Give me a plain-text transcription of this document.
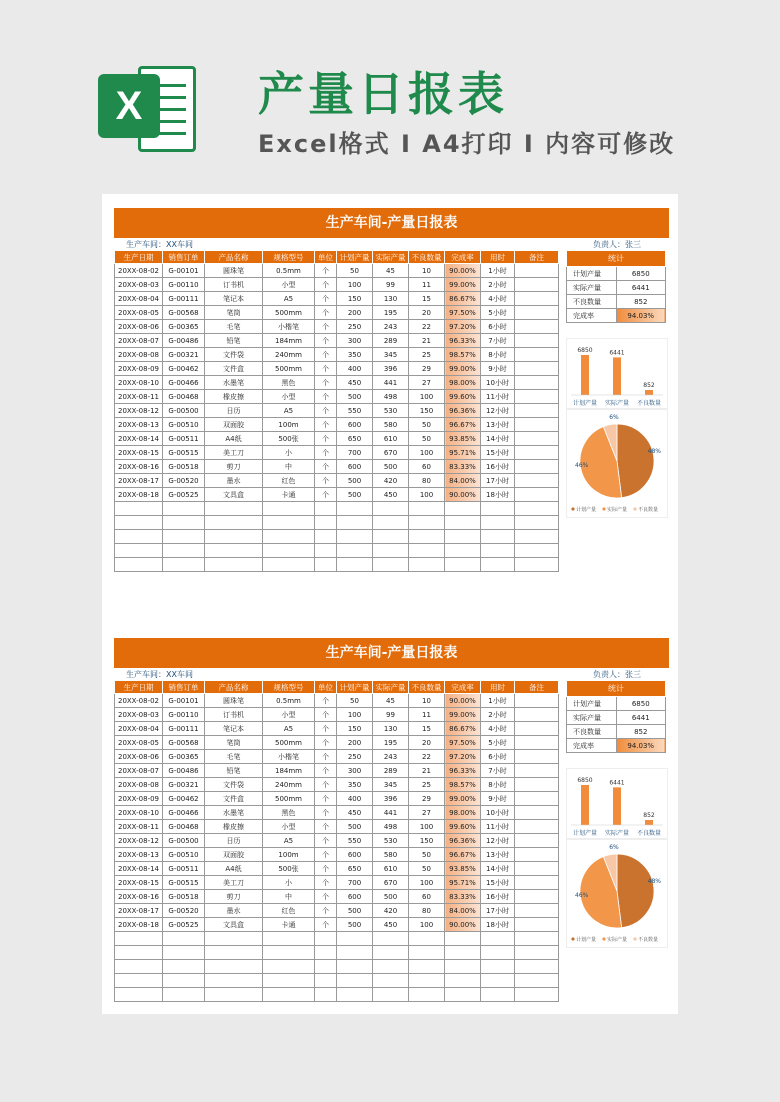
X	产量日报表
Excel格式 I A4打印 I 内容可修改
生产车间-产量日报表
生产车间：XX车间	负责人：张三
生产日期	销售订单	产品名称	规格型号	单位	计划产量	实际产量	不良数量	完成率	用时	备注
20XX-08-02	G-00101	圆珠笔	0.5mm	个	50	45	10	90.00%	1小时	
20XX-08-03	G-00110	订书机	小型	个	100	99	11	99.00%	2小时	
20XX-08-04	G-00111	笔记本	A5	个	150	130	15	86.67%	4小时	
20XX-08-05	G-00568	笔筒	500mm	个	200	195	20	97.50%	5小时	
20XX-08-06	G-00365	毛笔	小楷笔	个	250	243	22	97.20%	6小时	
20XX-08-07	G-00486	铅笔	184mm	个	300	289	21	96.33%	7小时	
20XX-08-08	G-00321	文件袋	240mm	个	350	345	25	98.57%	8小时	
20XX-08-09	G-00462	文件盒	500mm	个	400	396	29	99.00%	9小时	
20XX-08-10	G-00466	水墨笔	黑色	个	450	441	27	98.00%	10小时	
20XX-08-11	G-00468	橡皮擦	小型	个	500	498	100	99.60%	11小时	
20XX-08-12	G-00500	日历	A5	个	550	530	150	96.36%	12小时	
20XX-08-13	G-00510	双面胶	100m	个	600	580	50	96.67%	13小时	
20XX-08-14	G-00511	A4纸	500张	个	650	610	50	93.85%	14小时	
20XX-08-15	G-00515	美工刀	小	个	700	670	100	95.71%	15小时	
20XX-08-16	G-00518	剪刀	中	个	600	500	60	83.33%	16小时	
20XX-08-17	G-00520	墨水	红色	个	500	420	80	84.00%	17小时	
20XX-08-18	G-00525	文具盒	卡通	个	500	450	100	90.00%	18小时	

统计	
计划产量	6850
实际产量	6441
不良数量	852
完成率	94.03%
6850
计划产量
6441
实际产量
852
不良数量
48%
46%
6%
计划产量 实际产量 不良数量
生产车间-产量日报表
生产车间：XX车间	负责人：张三
生产日期	销售订单	产品名称	规格型号	单位	计划产量	实际产量	不良数量	完成率	用时	备注
20XX-08-02	G-00101	圆珠笔	0.5mm	个	50	45	10	90.00%	1小时	
20XX-08-03	G-00110	订书机	小型	个	100	99	11	99.00%	2小时	
20XX-08-04	G-00111	笔记本	A5	个	150	130	15	86.67%	4小时	
20XX-08-05	G-00568	笔筒	500mm	个	200	195	20	97.50%	5小时	
20XX-08-06	G-00365	毛笔	小楷笔	个	250	243	22	97.20%	6小时	
20XX-08-07	G-00486	铅笔	184mm	个	300	289	21	96.33%	7小时	
20XX-08-08	G-00321	文件袋	240mm	个	350	345	25	98.57%	8小时	
20XX-08-09	G-00462	文件盒	500mm	个	400	396	29	99.00%	9小时	
20XX-08-10	G-00466	水墨笔	黑色	个	450	441	27	98.00%	10小时	
20XX-08-11	G-00468	橡皮擦	小型	个	500	498	100	99.60%	11小时	
20XX-08-12	G-00500	日历	A5	个	550	530	150	96.36%	12小时	
20XX-08-13	G-00510	双面胶	100m	个	600	580	50	96.67%	13小时	
20XX-08-14	G-00511	A4纸	500张	个	650	610	50	93.85%	14小时	
20XX-08-15	G-00515	美工刀	小	个	700	670	100	95.71%	15小时	
20XX-08-16	G-00518	剪刀	中	个	600	500	60	83.33%	16小时	
20XX-08-17	G-00520	墨水	红色	个	500	420	80	84.00%	17小时	
20XX-08-18	G-00525	文具盒	卡通	个	500	450	100	90.00%	18小时	

统计	
计划产量	6850
实际产量	6441
不良数量	852
完成率	94.03%
6850
计划产量
6441
实际产量
852
不良数量
48%
46%
6%
计划产量 实际产量 不良数量
